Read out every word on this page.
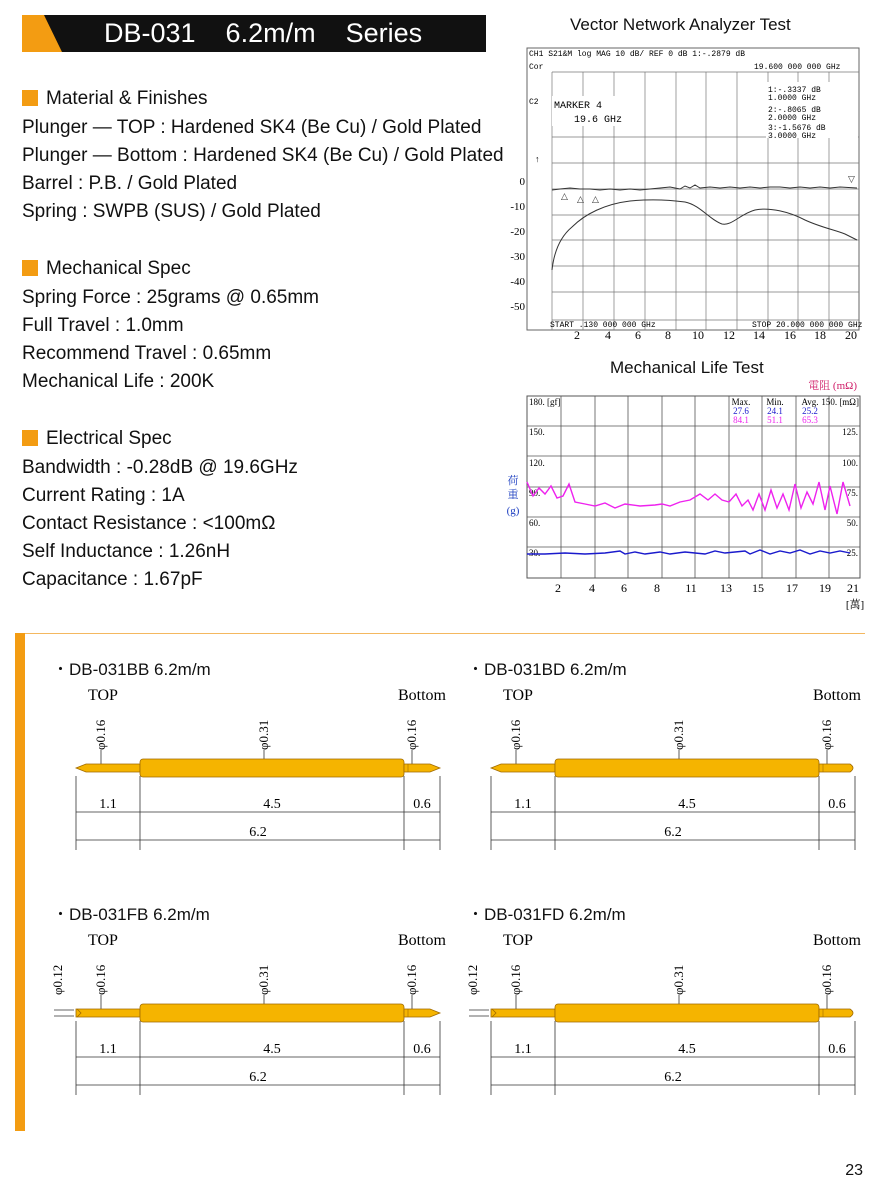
DB-031    6.2m/m    Series
Material & Finishes
Plunger — TOP : Hardened SK4 (Be Cu) / Gold Plated
Plunger — Bottom : Hardened SK4 (Be Cu) / Gold Plated
Barrel : P.B. / Gold Plated
Spring : SWPB (SUS) / Gold Plated
Mechanical Spec
Spring Force : 25grams @ 0.65mm
Full Travel : 1.0mm
Recommend Travel : 0.65mm
Mechanical Life : 200K
Electrical Spec
Bandwidth : -0.28dB @ 19.6GHz
Current Rating : 1A
Contact Resistance : <100mΩ
Self Inductance : 1.26nH
Capacitance : 1.67pF
Vector Network Analyzer Test
CH1 S21&M log MAG 10 dB/ REF 0 dB 1:-.2879 dB
19.600 000 000 GHz
Cor
C2
1:-.3337 dB
1.0000 GHz
2:-.8065 dB
2.0000 GHz
3:-1.5676 dB
3.0000 GHz
MARKER 4
19.6 GHz
0
-10
-20
-30
-40
-50
↑
△ △ △
▽
START .130 000 000 GHz	STOP 20.000 000 000 GHz
2 4 6 8 10 12 14 16 18 20
Mechanical Life Test
電阻 (mΩ)
180. [gf]
150.
120.
90.
60.
30.
150. [mΩ]
125.
100.
75.
50.
25.
Max. Min. Avg.
27.6 24.1 25.2
84.1 51.1 65.3
2 4 6 8 11 13 15 17 19 21
[萬]
荷
重
(g)
・DB-031BB 6.2m/m
TOP	Bottom
φ0.16	φ0.31	φ0.16
1.1	4.5	0.6
6.2
・DB-031BD 6.2m/m
TOP	Bottom
φ0.16	φ0.31	φ0.16
1.1	4.5	0.6
6.2
・DB-031FB 6.2m/m
TOP	Bottom
φ0.16	φ0.31	φ0.16
φ0.12
1.1	4.5	0.6
6.2
・DB-031FD 6.2m/m
TOP	Bottom
φ0.16	φ0.31	φ0.16
φ0.12
1.1	4.5	0.6
6.2
23
